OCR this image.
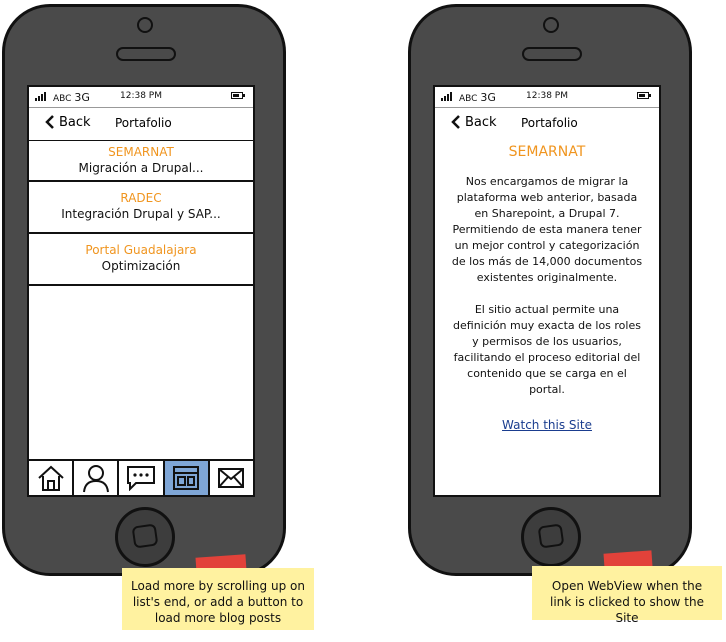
ABC 3G	12:38 PM
Back Portafolio
SEMARNAT
Migración a Drupal...
RADEC
Integración Drupal y SAP...
Portal Guadalajara
Optimización
ABC 3G	12:38 PM
Back Portafolio
SEMARNAT

Nos encargamos de migrar la plataforma web anterior, basada en Sharepoint, a Drupal 7. Permitiendo de esta manera tener un mejor control y categorización de los más de 14,000 documentos existentes originalmente.

El sitio actual permite una definición muy exacta de los roles y permisos de los usuarios, facilitando el proceso editorial del contenido que se carga en el portal.

Watch this Site
Load more by scrolling up on list's end, or add a button to load more blog posts
Open WebView when the link is clicked to show the Site
